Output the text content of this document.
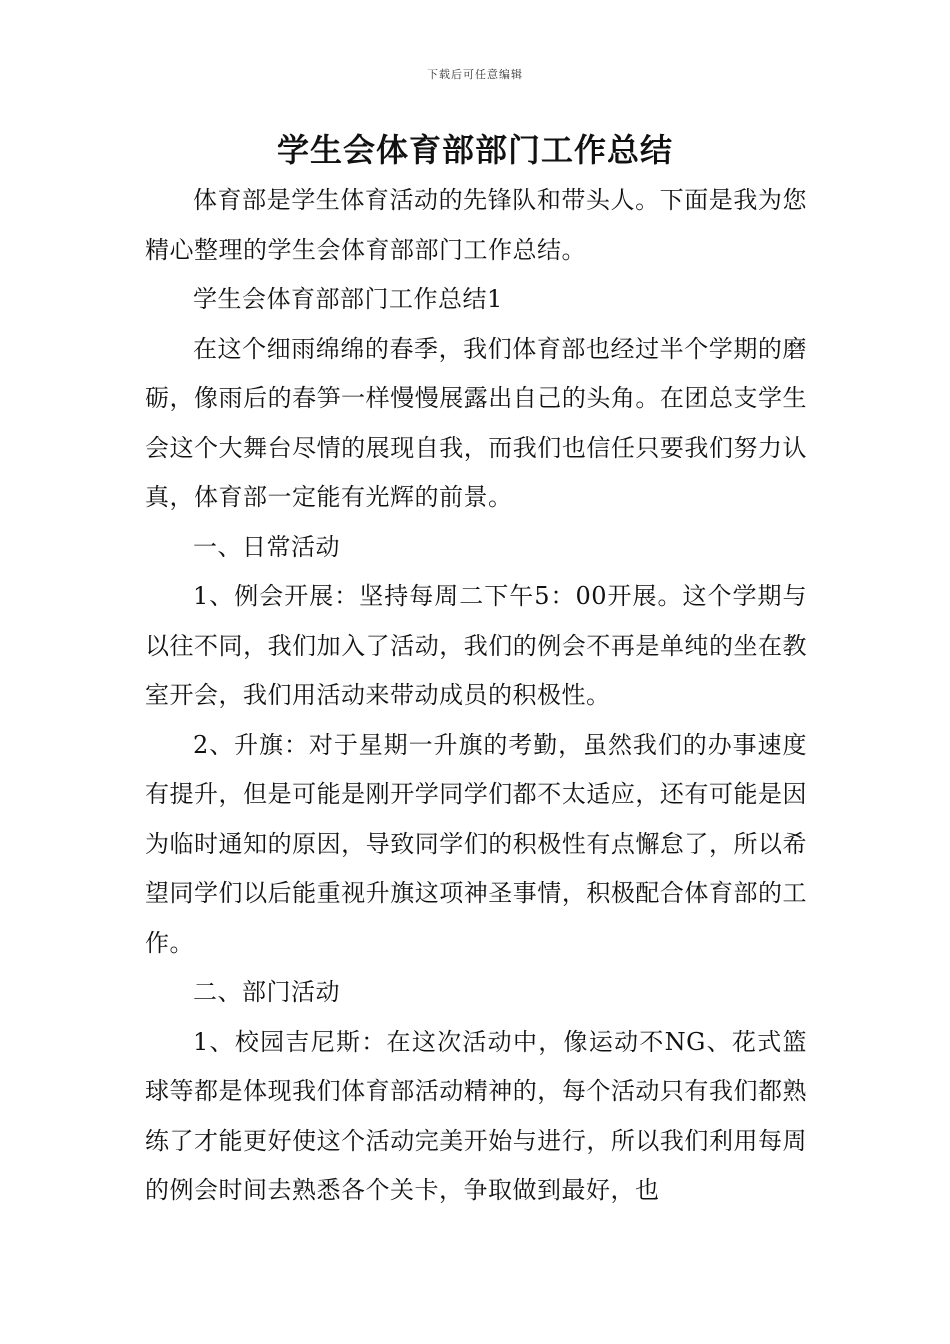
下载后可任意编辑
学生会体育部部门工作总结

体育部是学生体育活动的先锋队和带头人。下面是我为您精心整理的学生会体育部部门工作总结。

学生会体育部部门工作总结1

在这个细雨绵绵的春季，我们体育部也经过半个学期的磨砺，像雨后的春笋一样慢慢展露出自己的头角。在团总支学生会这个大舞台尽情的展现自我，而我们也信任只要我们努力认真，体育部一定能有光辉的前景。

一、日常活动

1、例会开展：坚持每周二下午5：00开展。这个学期与以往不同，我们加入了活动，我们的例会不再是单纯的坐在教室开会，我们用活动来带动成员的积极性。

2、升旗：对于星期一升旗的考勤，虽然我们的办事速度有提升，但是可能是刚开学同学们都不太适应，还有可能是因为临时通知的原因，导致同学们的积极性有点懈怠了，所以希望同学们以后能重视升旗这项神圣事情，积极配合体育部的工作。

二、部门活动

1、校园吉尼斯：在这次活动中，像运动不NG、花式篮球等都是体现我们体育部活动精神的，每个活动只有我们都熟练了才能更好使这个活动完美开始与进行，所以我们利用每周的例会时间去熟悉各个关卡，争取做到最好，也
